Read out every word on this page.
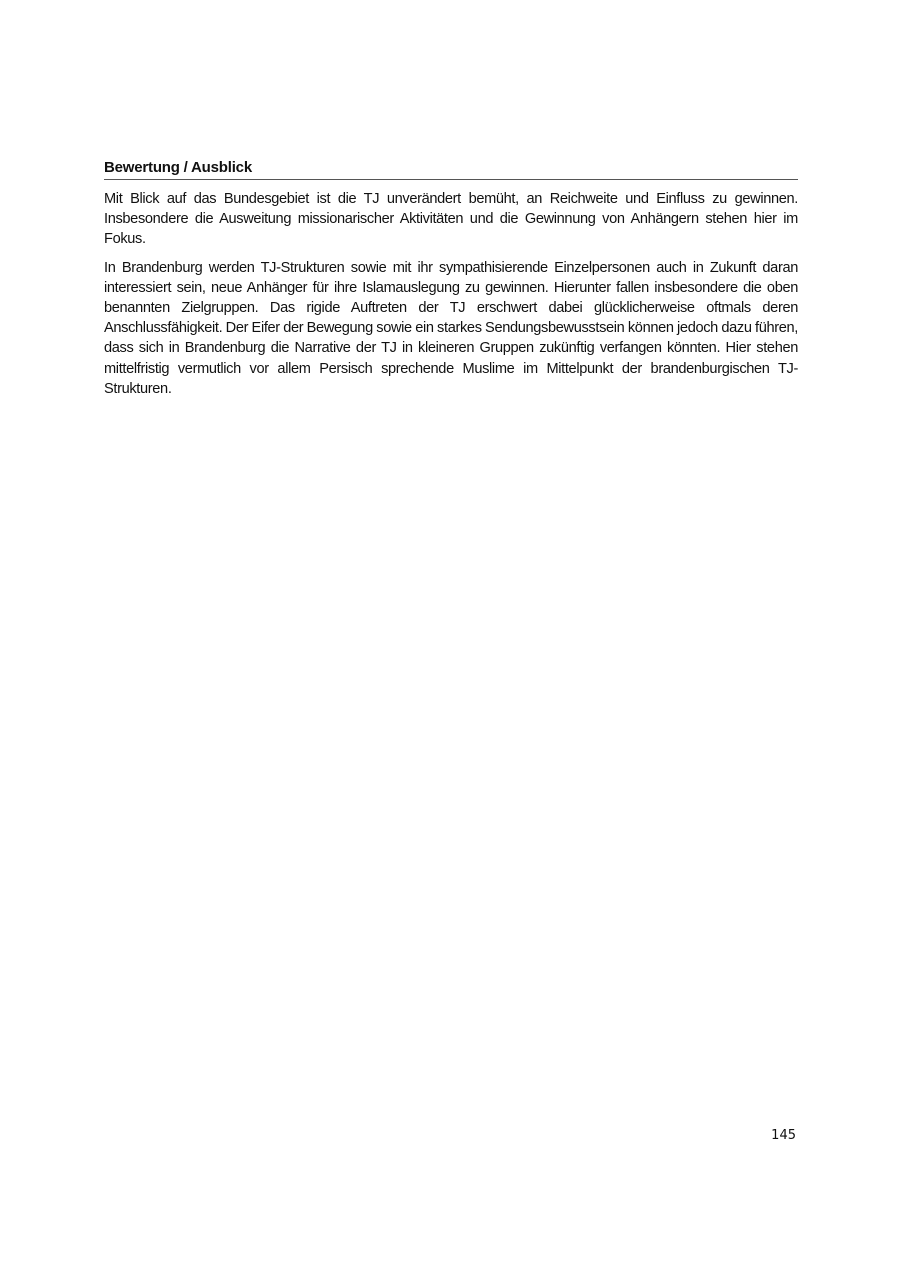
Bewertung / Ausblick

Mit Blick auf das Bundesgebiet ist die TJ unverändert bemüht, an Reichweite und Einfluss zu gewinnen. Insbesondere die Ausweitung missionarischer Aktivitäten und die Gewinnung von Anhängern stehen hier im Fokus.

In Brandenburg werden TJ-Strukturen sowie mit ihr sympathisierende Einzelpersonen auch in Zukunft daran interessiert sein, neue Anhänger für ihre Islamauslegung zu gewinnen. Hierunter fallen insbesondere die oben benannten Zielgruppen. Das rigide Auftreten der TJ erschwert dabei glücklicherweise oftmals deren Anschlussfähigkeit. Der Eifer der Bewegung sowie ein starkes Sendungsbewusstsein können jedoch dazu führen, dass sich in Brandenburg die Narrative der TJ in kleineren Gruppen zukünftig verfangen könnten. Hier stehen mittelfristig vermutlich vor allem Persisch sprechende Muslime im Mittelpunkt der brandenburgischen TJ-Strukturen.

145
